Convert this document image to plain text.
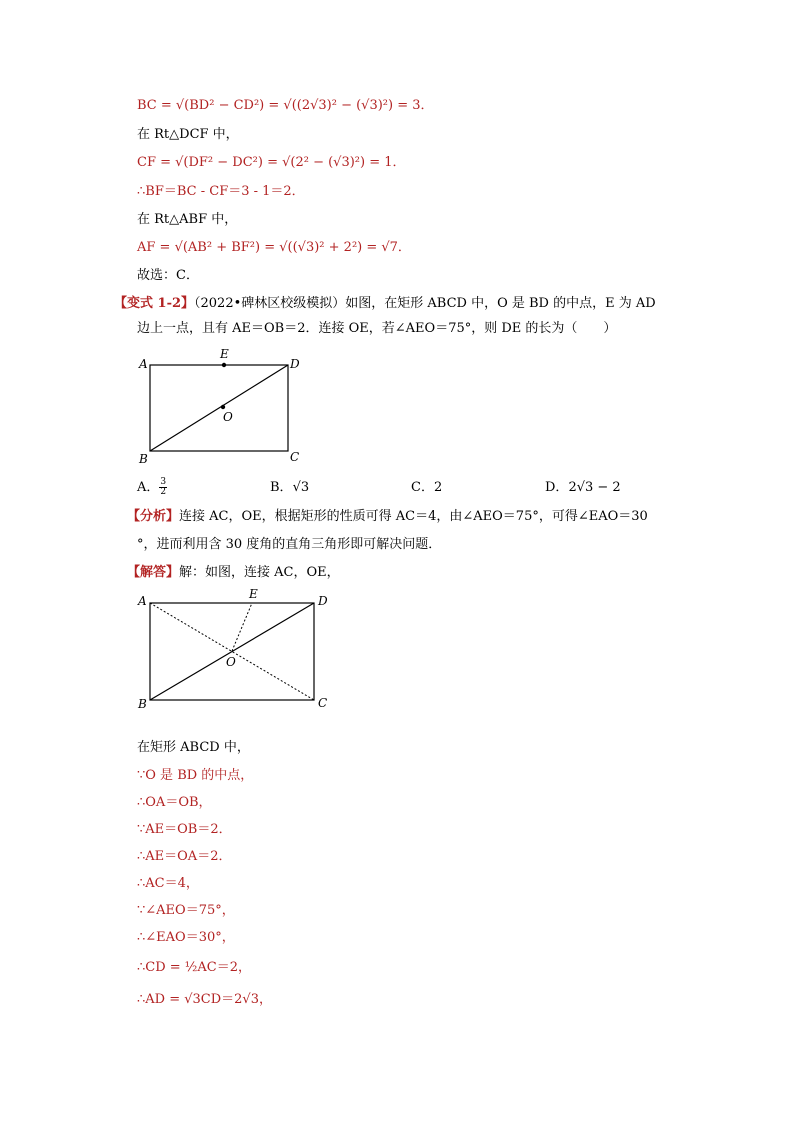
BC = √(BD² − CD²) = √((2√3)² − (√3)²) = 3．
在 Rt△DCF 中，
CF = √(DF² − DC²) = √(2² − (√3)²) = 1．
∴BF＝BC - CF＝3 - 1＝2．
在 Rt△ABF 中，
AF = √(AB² + BF²) = √((√3)² + 2²) = √7．
故选：C．
【变式 1-2】（2022•碑林区校级模拟）如图，在矩形 ABCD 中，O 是 BD 的中点，E 为 AD
边上一点，且有 AE＝OB＝2．连接 OE，若∠AEO＝75°，则 DE 的长为（　　）
A
E
D
O
B	C
A． $\frac{3}{2}$	B．√3	C．2	D．2√3 − 2
【分析】连接 AC，OE，根据矩形的性质可得 AC＝4，由∠AEO＝75°，可得∠EAO＝30
°，进而利用含 30 度角的直角三角形即可解决问题．
【解答】解：如图，连接 AC，OE，
A	E	D
O
B	C
在矩形 ABCD 中，
∵O 是 BD 的中点，
∴OA＝OB，
∵AE＝OB＝2．
∴AE＝OA＝2．
∴AC＝4，
∵∠AEO＝75°，
∴∠EAO＝30°，
∴CD = ½AC＝2，
∴AD = √3CD＝2√3，
